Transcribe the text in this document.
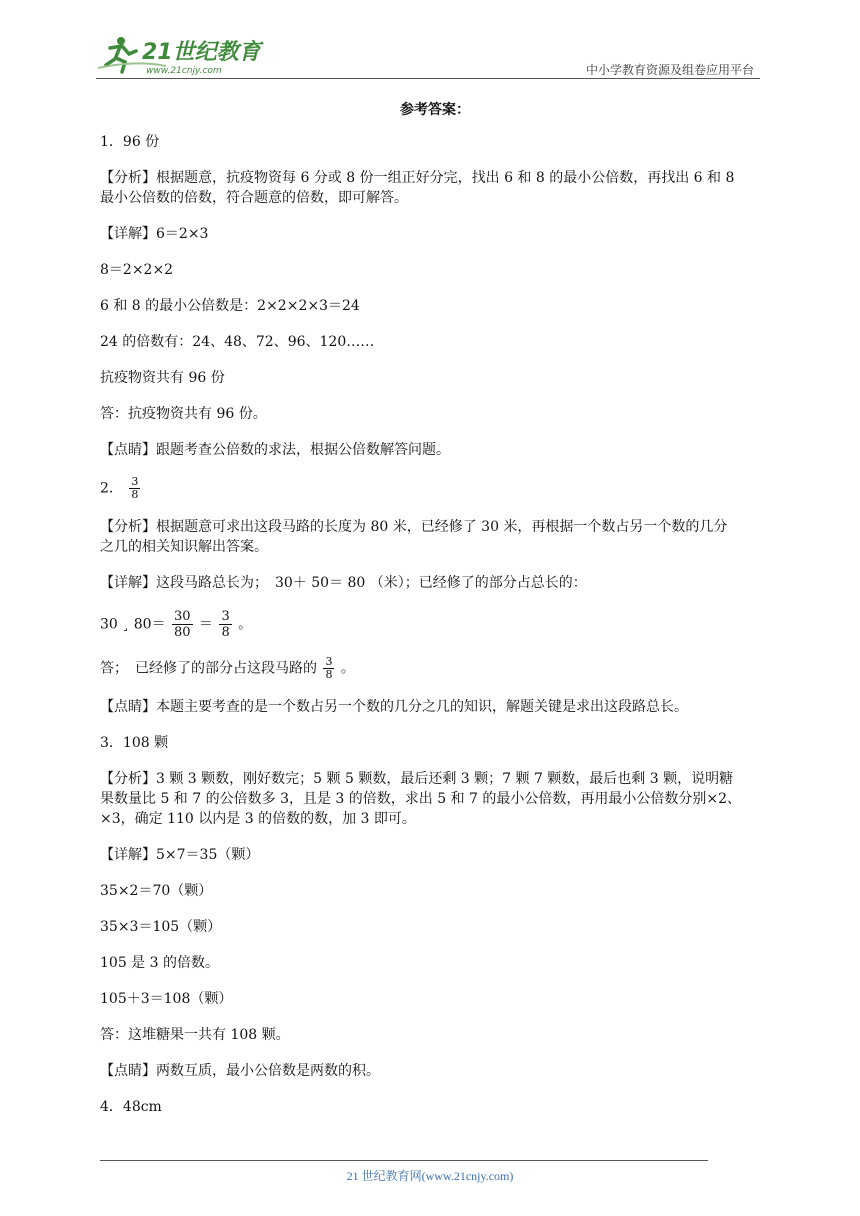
21世纪教育
www.21cnjy.com	中小学教育资源及组卷应用平台
参考答案：
1．96 份
【分析】根据题意，抗疫物资每 6 分或 8 份一组正好分完，找出 6 和 8 的最小公倍数，再找出 6 和 8
最小公倍数的倍数，符合题意的倍数，即可解答。
【详解】6＝2×3
8＝2×2×2
6 和 8 的最小公倍数是：2×2×2×3＝24
24 的倍数有：24、48、72、96、120……
抗疫物资共有 96 份
答：抗疫物资共有 96 份。
【点睛】跟题考查公倍数的求法，根据公倍数解答问题。
2． $\frac{3}{8}$
【分析】根据题意可求出这段马路的长度为 80 米，已经修了 30 米，再根据一个数占另一个数的几分
之几的相关知识解出答案。
【详解】这段马路总长为；　30＋ 50＝ 80 （米）；已经修了的部分占总长的：
30 ¸ $80= \frac{30}{80} = \frac{3}{8}$ 。
答；　已经修了的部分占这段马路的 $\frac{3}{8}$ 。
【点睛】本题主要考查的是一个数占另一个数的几分之几的知识，解题关键是求出这段路总长。
3．108 颗
【分析】3 颗 3 颗数，刚好数完；5 颗 5 颗数，最后还剩 3 颗；7 颗 7 颗数，最后也剩 3 颗，说明糖
果数量比 5 和 7 的公倍数多 3，且是 3 的倍数，求出 5 和 7 的最小公倍数，再用最小公倍数分别×2、
×3，确定 110 以内是 3 的倍数的数，加 3 即可。
【详解】5×7＝35（颗）
35×2＝70（颗）
35×3＝105（颗）
105 是 3 的倍数。
105＋3＝108（颗）
答：这堆糖果一共有 108 颗。
【点睛】两数互质，最小公倍数是两数的积。
4．48cm
21 世纪教育网(www.21cnjy.com)
